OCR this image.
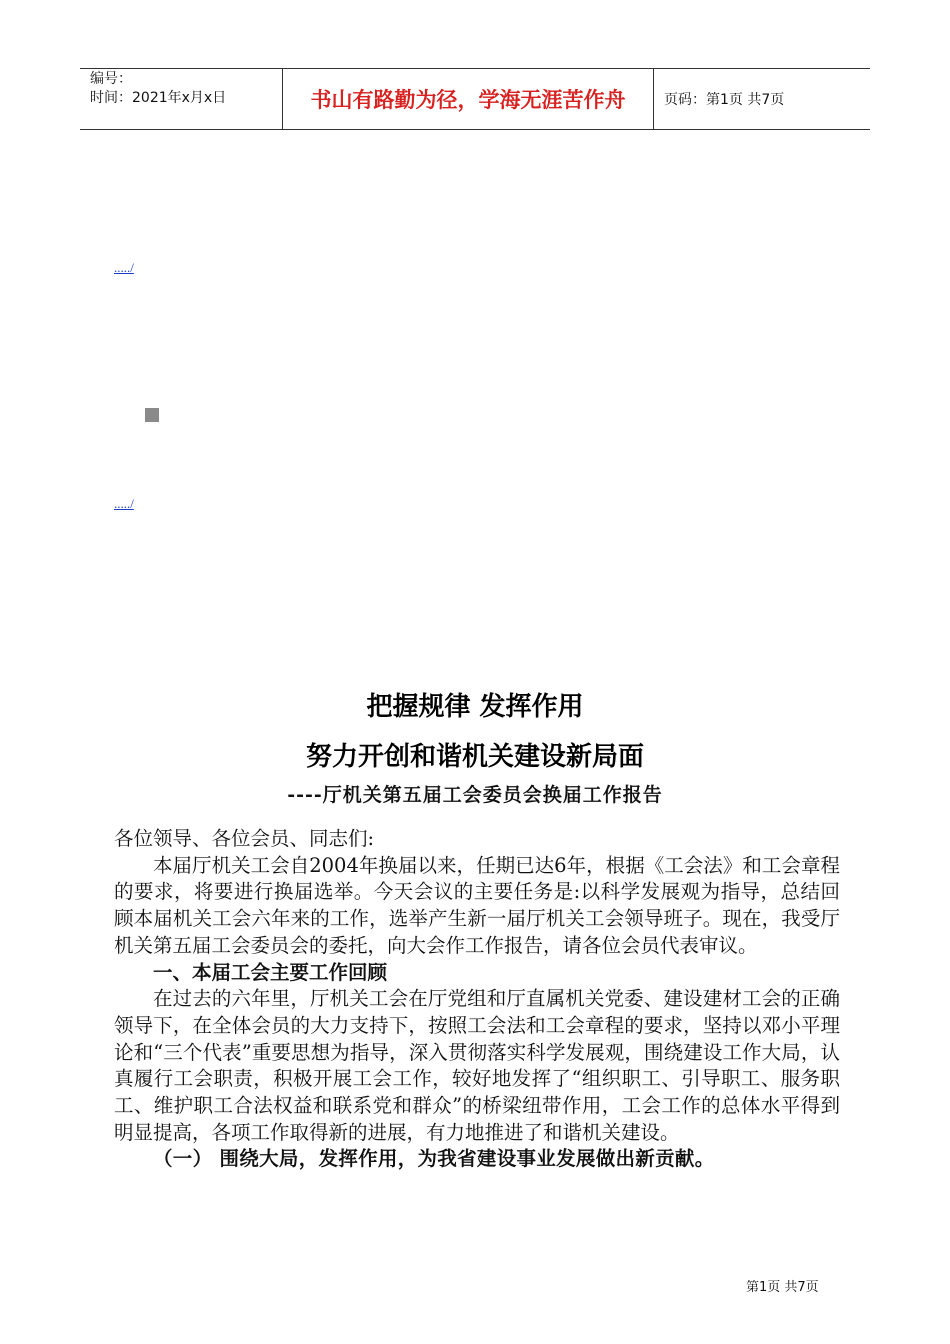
编号：
时间：2021年x月x日	书山有路勤为径，学海无涯苦作舟	页码：第1页 共7页
...../
...../
把握规律 发挥作用
努力开创和谐机关建设新局面
----厅机关第五届工会委员会换届工作报告

各位领导、各位会员、同志们:

本届厅机关工会自2004年换届以来，任期已达6年，根据《工会法》和工会章程的要求，将要进行换届选举。今天会议的主要任务是:以科学发展观为指导，总结回顾本届机关工会六年来的工作，选举产生新一届厅机关工会领导班子。现在，我受厅机关第五届工会委员会的委托，向大会作工作报告，请各位会员代表审议。

一、本届工会主要工作回顾

在过去的六年里，厅机关工会在厅党组和厅直属机关党委、建设建材工会的正确领导下，在全体会员的大力支持下，按照工会法和工会章程的要求，坚持以邓小平理论和“三个代表”重要思想为指导，深入贯彻落实科学发展观，围绕建设工作大局，认真履行工会职责，积极开展工会工作，较好地发挥了“组织职工、引导职工、服务职工、维护职工合法权益和联系党和群众”的桥梁纽带作用，工会工作的总体水平得到明显提高，各项工作取得新的进展，有力地推进了和谐机关建设。

（一） 围绕大局，发挥作用，为我省建设事业发展做出新贡献。

第1页 共7页
